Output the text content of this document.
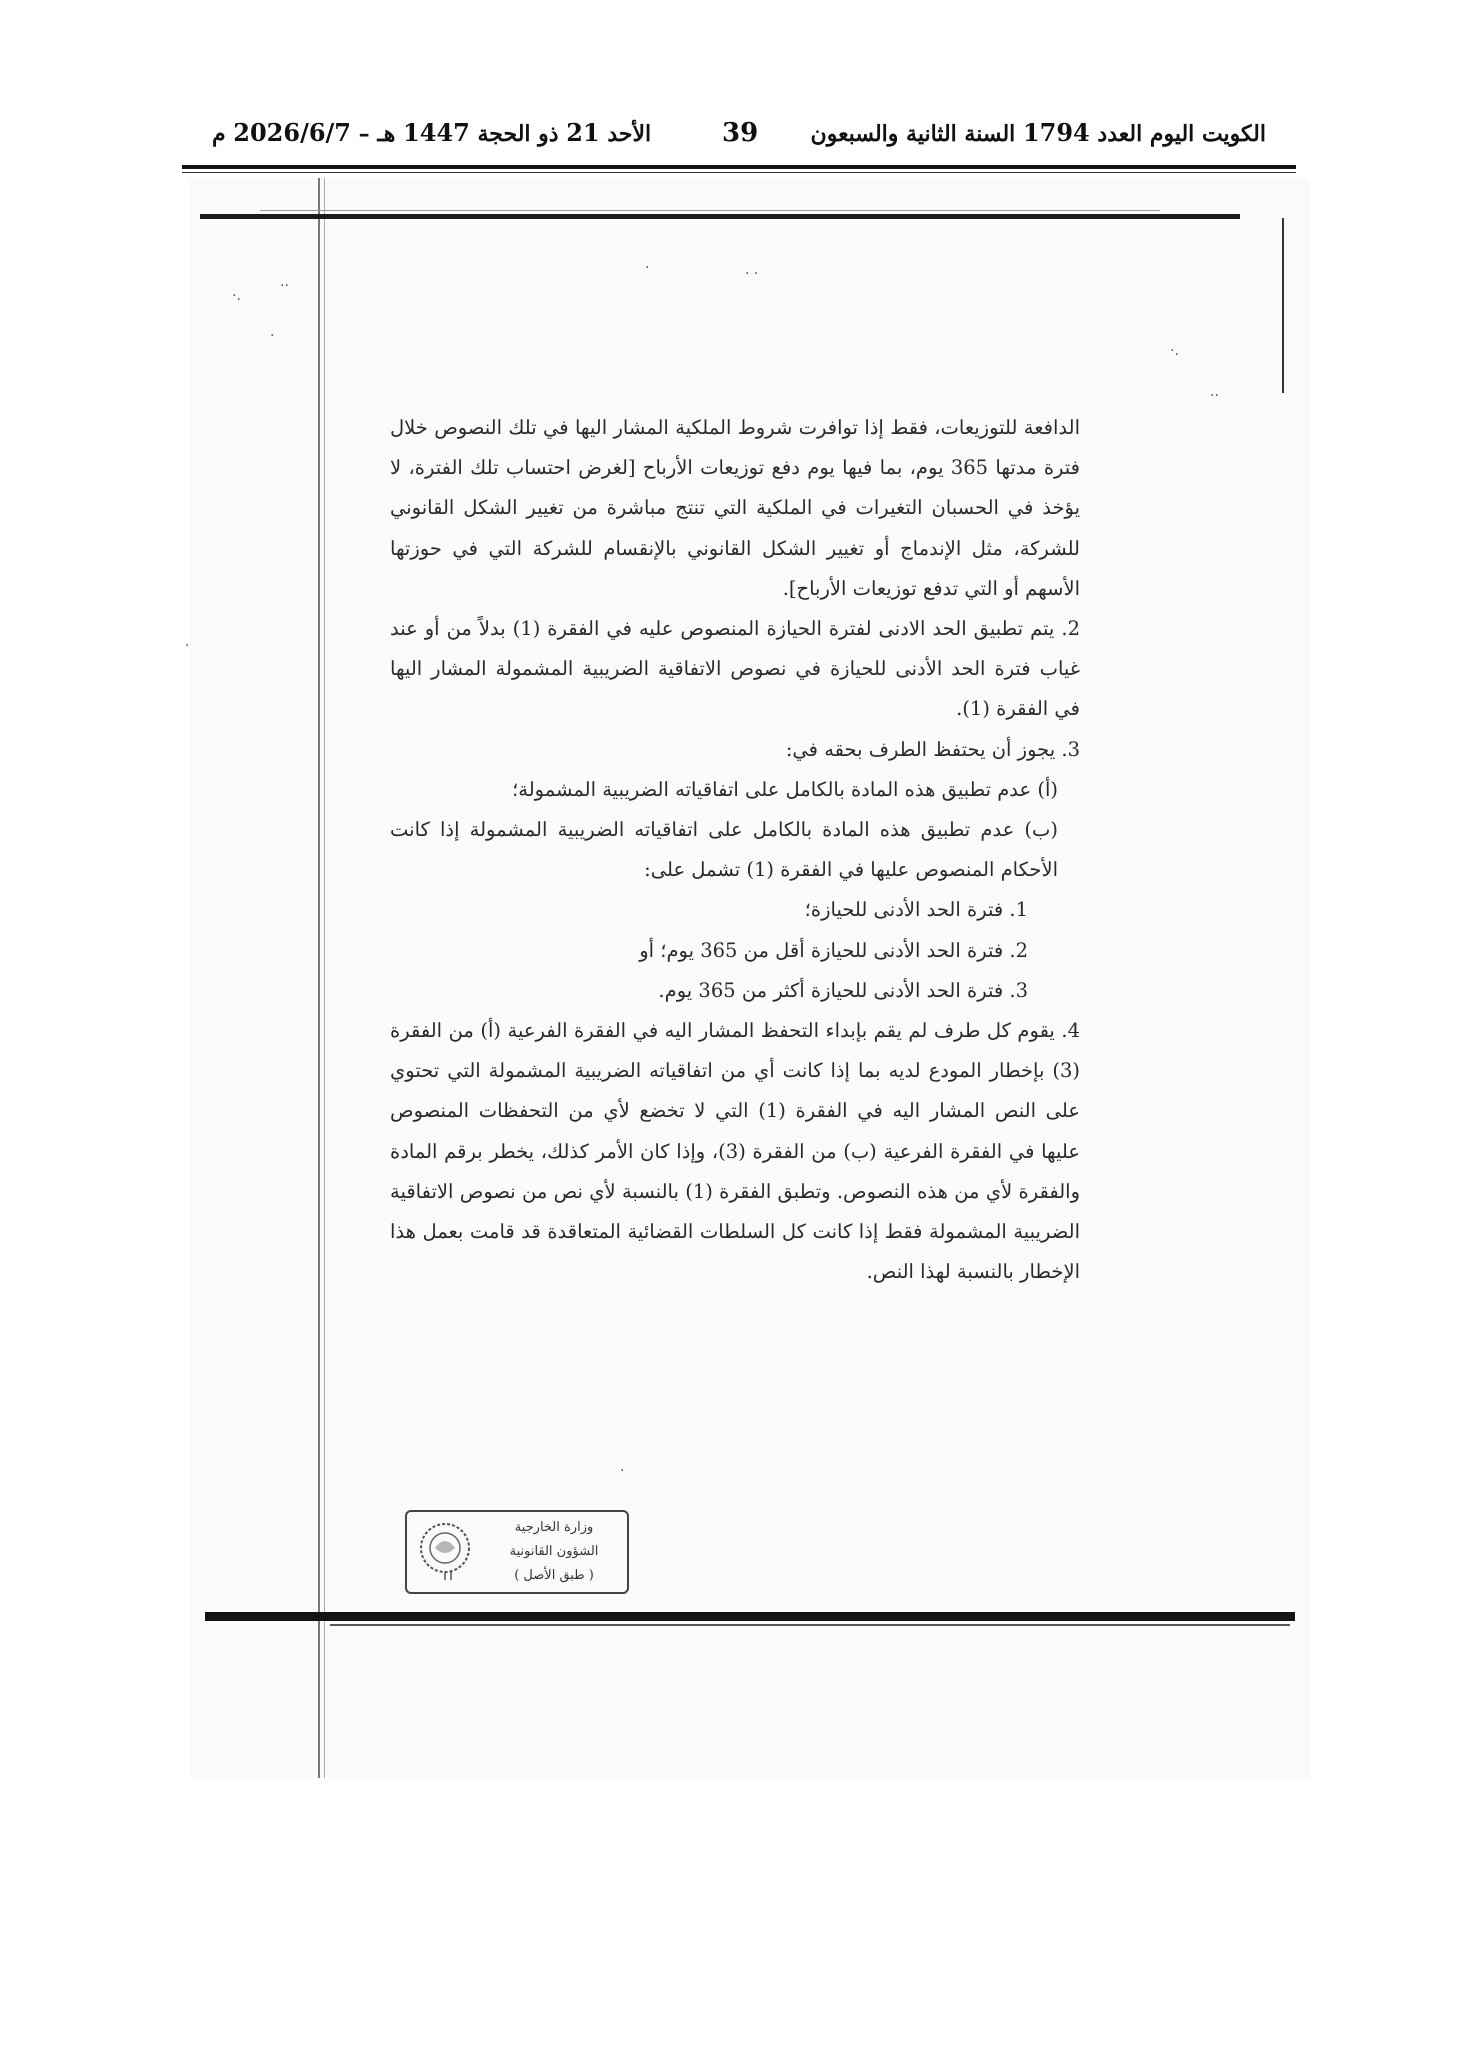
الكويت اليوم العدد 1794 السنة الثانية والسبعون
39
الأحد 21 ذو الحجة 1447 هـ – 2026/6/7 م
·.
··
·
·	· ·
·.
··
·
·

الدافعة للتوزيعات، فقط إذا توافرت شروط الملكية المشار اليها في تلك النصوص خلال فترة مدتها 365 يوم، بما فيها يوم دفع توزيعات الأرباح [لغرض احتساب تلك الفترة، لا يؤخذ في الحسبان التغيرات في الملكية التي تنتج مباشرة من تغيير الشكل القانوني للشركة، مثل الإندماج أو تغيير الشكل القانوني بالإنقسام للشركة التي في حوزتها الأسهم أو التي تدفع توزيعات الأرباح].

2. يتم تطبيق الحد الادنى لفترة الحيازة المنصوص عليه في الفقرة (1) بدلاً من أو عند غياب فترة الحد الأدنى للحيازة في نصوص الاتفاقية الضريبية المشمولة المشار اليها في الفقرة (1).

3. يجوز أن يحتفظ الطرف بحقه في:

(أ) عدم تطبيق هذه المادة بالكامل على اتفاقياته الضريبية المشمولة؛

(ب) عدم تطبيق هذه المادة بالكامل على اتفاقياته الضريبية المشمولة إذا كانت الأحكام المنصوص عليها في الفقرة (1) تشمل على:

1. فترة الحد الأدنى للحيازة؛

2. فترة الحد الأدنى للحيازة أقل من 365 يوم؛ أو

3. فترة الحد الأدنى للحيازة أكثر من 365 يوم.

4. يقوم كل طرف لم يقم بإبداء التحفظ المشار اليه في الفقرة الفرعية (أ) من الفقرة (3) بإخطار المودع لديه بما إذا كانت أي من اتفاقياته الضريبية المشمولة التي تحتوي على النص المشار اليه في الفقرة (1) التي لا تخضع لأي من التحفظات المنصوص عليها في الفقرة الفرعية (ب) من الفقرة (3)، وإذا كان الأمر كذلك، يخطر برقم المادة والفقرة لأي من هذه النصوص. وتطبق الفقرة (1) بالنسبة لأي نص من نصوص الاتفاقية الضريبية المشمولة فقط إذا كانت كل السلطات القضائية المتعاقدة قد قامت بعمل هذا الإخطار بالنسبة لهذا النص.

وزارة الخارجية
الشؤون القانونية
( طبق الأصل )
